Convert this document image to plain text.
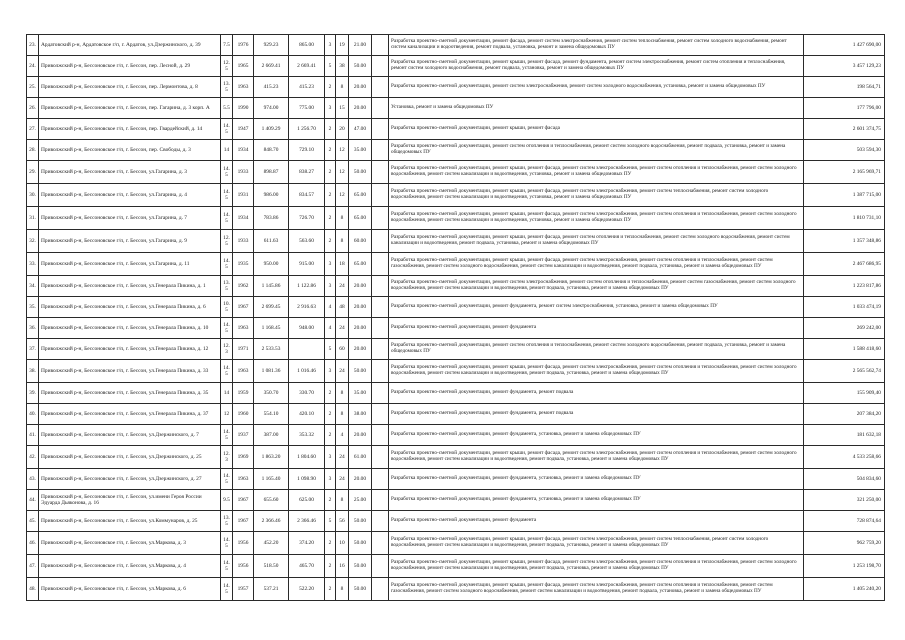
23.	Ардатовский р-н, Ардатовское г/п, г. Ардатов, ул.Дзержинского, д. 39	7.5	1976	929.23	865.00	3	19	21.00		Разработка проектно-сметной документации, ремонт фасада, ремонт систем электроснабжения, ремонт систем теплоснабжения, ремонт систем холодного водоснабжения, ремонт систем канализации и водоотведения, ремонт подвала, установка, ремонт и замена общедомовых ПУ	1 427 690,00
24.	Приволжский р-н, Бессоновское г/п, г. Бессон, пер. Лесной, д. 29	12.5	1965	2 669.41	2 669.41	5	38	50.00		Разработка проектно-сметной документации, ремонт крыши, ремонт фасада, ремонт фундамента, ремонт систем электроснабжения, ремонт систем отопления и теплоснабжения, ремонт систем холодного водоснабжения, ремонт подвала, установка, ремонт и замена общедомовых ПУ	3 457 129,23
25.	Приволжский р-н, Бессоновское г/п, г. Бессон, пер. Лермонтова, д. 8	13.5	1963	415.23	415.23	2	8	20.00		Разработка проектно-сметной документации, ремонт систем электроснабжения, ремонт систем холодного водоснабжения, установка, ремонт и замена общедомовых ПУ	198 564,71
26.	Приволжский р-н, Бессоновское г/п, г. Бессон, пер. Гагарина, д. 3 корп. А	5.5	1990	974.00	775.00	3	15	20.00		Установка, ремонт и замена общедомовых ПУ	177 796,00
27.	Приволжский р-н, Бессоновское г/п, г. Бессон, пер. Гвардейский, д. 14	14.5	1947	1 409.29	1 256.70	2	20	47.00		Разработка проектно-сметной документации, ремонт крыши, ремонт фасада	2 601 374,75
28.	Приволжский р-н, Бессоновское г/п, г. Бессон, пер. Свободы, д. 3	14	1934	848.70	729.10	2	12	35.00		Разработка проектно-сметной документации, ремонт систем отопления и теплоснабжения, ремонт систем холодного водоснабжения, ремонт подвала, установка, ремонт и замена общедомовых ПУ	503 594,30
29.	Приволжский р-н, Бессоновское г/п, г. Бессон, ул.Гагарина, д. 3	14.5	1933	898.87	838.27	2	12	50.00		Разработка проектно-сметной документации, ремонт крыши, ремонт фасада, ремонт систем электроснабжения, ремонт систем отопления и теплоснабжения, ремонт систем холодного водоснабжения, ремонт систем канализации и водоотведения, установка, ремонт и замена общедомовых ПУ	2 165 969,71
30.	Приволжский р-н, Бессоновское г/п, г. Бессон, ул.Гагарина, д. 4	14.5	1931	986.00	834.57	2	12	65.00		Разработка проектно-сметной документации, ремонт крыши, ремонт фасада, ремонт систем электроснабжения, ремонт систем теплоснабжения, ремонт систем холодного водоснабжения, ремонт систем канализации и водоотведения, установка, ремонт и замена общедомовых ПУ	1 387 715,00
31.	Приволжский р-н, Бессоновское г/п, г. Бессон, ул.Гагарина, д. 7	14.5	1934	783.86	726.70	2	8	65.00		Разработка проектно-сметной документации, ремонт крыши, ремонт фасада, ремонт систем электроснабжения, ремонт систем отопления и теплоснабжения, ремонт систем холодного водоснабжения, ремонт систем канализации и водоотведения, установка, ремонт и замена общедомовых ПУ	1 810 731,10
32.	Приволжский р-н, Бессоновское г/п, г. Бессон, ул.Гагарина, д. 9	12.5	1933	611.63	563.60	2	8	60.00		Разработка проектно-сметной документации, ремонт крыши, ремонт фасада, ремонт систем отопления и теплоснабжения, ремонт систем холодного водоснабжения, ремонт систем канализации и водоотведения, ремонт подвала, установка, ремонт и замена общедомовых ПУ	1 357 348,86
33.	Приволжский р-н, Бессоновское г/п, г. Бессон, ул.Гагарина, д. 11	14.5	1935	950.00	915.00	3	18	65.00		Разработка проектно-сметной документации, ремонт крыши, ремонт фасада, ремонт систем электроснабжения, ремонт систем отопления и теплоснабжения, ремонт систем газоснабжения, ремонт систем холодного водоснабжения, ремонт систем канализации и водоотведения, ремонт подвала, установка, ремонт и замена общедомовых ПУ	2 467 686,95
34.	Приволжский р-н, Бессоновское г/п, г. Бессон, ул.Генерала Пикина, д. 1	13.5	1962	1 145.86	1 122.86	3	24	20.00		Разработка проектно-сметной документации, ремонт систем электроснабжения, ремонт систем отопления и теплоснабжения, ремонт систем газоснабжения, ремонт систем холодного водоснабжения, ремонт систем канализации и водоотведения, ремонт подвала, установка, ремонт и замена общедомовых ПУ	1 223 817,86
35.	Приволжский р-н, Бессоновское г/п, г. Бессон, ул.Генерала Пикина, д. 6	10.5	1967	2 699.45	2 916.63	4	48	20.00		Разработка проектно-сметной документации, ремонт фундамента, ремонт систем электроснабжения, установка, ремонт и замена общедомовых ПУ	1 033 474,19
36.	Приволжский р-н, Бессоновское г/п, г. Бессон, ул.Генерала Пикина, д. 10	14.5	1963	1 168.45	948.00	4	24	20.00		Разработка проектно-сметной документации, ремонт фундамента	269 242,00
37.	Приволжский р-н, Бессоновское г/п, г. Бессон, ул.Генерала Пикина, д. 12	12.3	1971	2 533.53		5	60	20.00		Разработка проектно-сметной документации, ремонт систем отопления и теплоснабжения, ремонт систем холодного водоснабжения, ремонт подвала, установка, ремонт и замена общедомовых ПУ	1 588 418,60
38.	Приволжский р-н, Бессоновское г/п, г. Бессон, ул.Генерала Пикина, д. 33	14.5	1963	1 081.36	1 016.46	3	24	50.00		Разработка проектно-сметной документации, ремонт крыши, ремонт фасада, ремонт систем электроснабжения, ремонт систем отопления и теплоснабжения, ремонт систем холодного водоснабжения, ремонт систем канализации и водоотведения, ремонт подвала, установка, ремонт и замена общедомовых ПУ	2 565 562,74
39.	Приволжский р-н, Бессоновское г/п, г. Бессон, ул.Генерала Пикина, д. 35	14	1959	350.70	330.70	2	8	35.00		Разработка проектно-сметной документации, ремонт фундамента, ремонт подвала	155 909,40
40.	Приволжский р-н, Бессоновское г/п, г. Бессон, ул.Генерала Пикина, д. 37	12	1960	554.10	420.10	2	8	38.00		Разработка проектно-сметной документации, ремонт фундамента, ремонт подвала	207 384,20
41.	Приволжский р-н, Бессоновское г/п, г. Бессон, ул.Дзержинского, д. 7	14.5	1937	387.00	353.32	2	4	20.00		Разработка проектно-сметной документации, ремонт фундамента, установка, ремонт и замена общедомовых ПУ	181 632,18
42.	Приволжский р-н, Бессоновское г/п, г. Бессон, ул.Дзержинского, д. 25	12.3	1969	1 863.20	1 804.60	3	24	61.00		Разработка проектно-сметной документации, ремонт крыши, ремонт фасада, ремонт систем электроснабжения, ремонт систем отопления и теплоснабжения, ремонт систем холодного водоснабжения, ремонт систем канализации и водоотведения, ремонт подвала, установка, ремонт и замена общедомовых ПУ	4 533 258,66
43.	Приволжский р-н, Бессоновское г/п, г. Бессон, ул.Дзержинского, д. 27	14.5	1963	1 165.40	1 098.90	3	24	20.00		Разработка проектно-сметной документации, ремонт фундамента, установка, ремонт и замена общедомовых ПУ	504 834,60
44.	Приволжский р-н, Бессоновское г/п, г. Бессон, ул.имени Героя России Эдуарда Дьяконова, д. 16	9.5	1967	655.60	625.00	2	8	25.00		Разработка проектно-сметной документации, ремонт фундамента, установка, ремонт и замена общедомовых ПУ	321 250,00
45.	Приволжский р-н, Бессоновское г/п, г. Бессон, ул.Коммунаров, д. 25	13.5	1967	2 366.46	2 366.46	5	56	50.00		Разработка проектно-сметной документации, ремонт фундамента	728 874,64
46.	Приволжский р-н, Бессоновское г/п, г. Бессон, ул.Маркова, д. 3	14.5	1956	452.20	374.20	2	10	50.00		Разработка проектно-сметной документации, ремонт крыши, ремонт фасада, ремонт систем электроснабжения, ремонт систем теплоснабжения, ремонт систем холодного водоснабжения, ремонт систем канализации и водоотведения, ремонт подвала, установка, ремонт и замена общедомовых ПУ	962 759,20
47.	Приволжский р-н, Бессоновское г/п, г. Бессон, ул.Маркова, д. 4	14.5	1956	518.50	465.70	2	16	50.00		Разработка проектно-сметной документации, ремонт крыши, ремонт фасада, ремонт систем электроснабжения, ремонт систем отопления и теплоснабжения, ремонт систем холодного водоснабжения, ремонт систем канализации и водоотведения, ремонт подвала, установка, ремонт и замена общедомовых ПУ	1 253 198,70
48.	Приволжский р-н, Бессоновское г/п, г. Бессон, ул.Маркова, д. 6	14.5	1957	537.21	522.20	2	8	50.00		Разработка проектно-сметной документации, ремонт крыши, ремонт фасада, ремонт систем электроснабжения, ремонт систем отопления и теплоснабжения, ремонт систем газоснабжения, ремонт систем холодного водоснабжения, ремонт систем канализации и водоотведения, ремонт подвала, установка, ремонт и замена общедомовых ПУ	1 405 240,20
